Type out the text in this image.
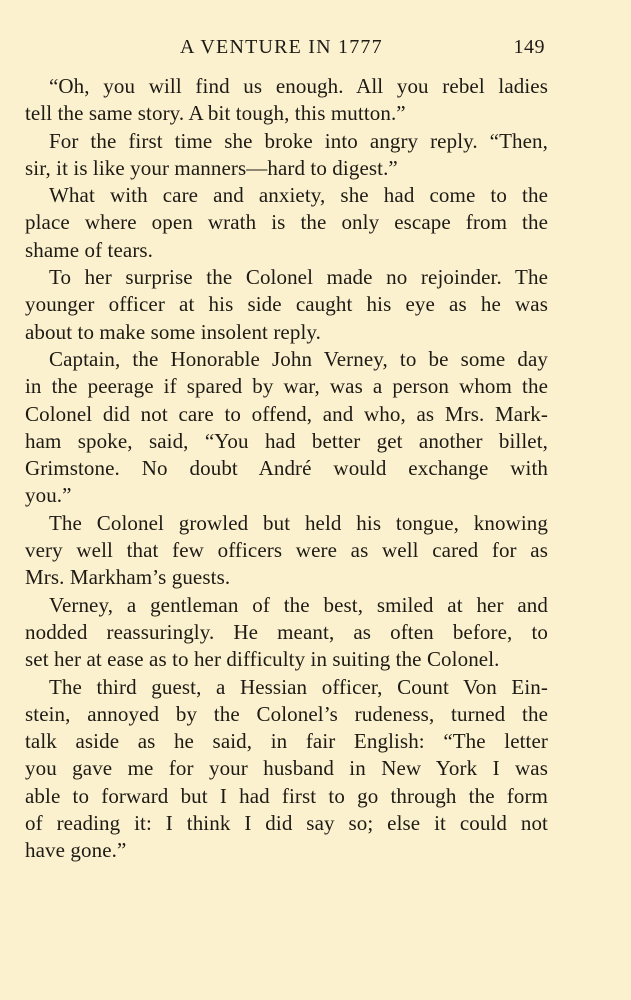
A VENTURE IN 1777	149

“Oh, you will find us enough. All you rebel ladies
tell the same story. A bit tough, this mutton.”

For the first time she broke into angry reply. “Then,
sir, it is like your manners—hard to digest.”

What with care and anxiety, she had come to the
place where open wrath is the only escape from the
shame of tears.

To her surprise the Colonel made no rejoinder. The
younger officer at his side caught his eye as he was
about to make some insolent reply.

Captain, the Honorable John Verney, to be some day
in the peerage if spared by war, was a person whom the
Colonel did not care to offend, and who, as Mrs. Mark-
ham spoke, said, “You had better get another billet,
Grimstone. No doubt André would exchange with
you.”

The Colonel growled but held his tongue, knowing
very well that few officers were as well cared for as
Mrs. Markham’s guests.

Verney, a gentleman of the best, smiled at her and
nodded reassuringly. He meant, as often before, to
set her at ease as to her difficulty in suiting the Colonel.

The third guest, a Hessian officer, Count Von Ein-
stein, annoyed by the Colonel’s rudeness, turned the
talk aside as he said, in fair English: “The letter
you gave me for your husband in New York I was
able to forward but I had first to go through the form
of reading it: I think I did say so; else it could not
have gone.”
